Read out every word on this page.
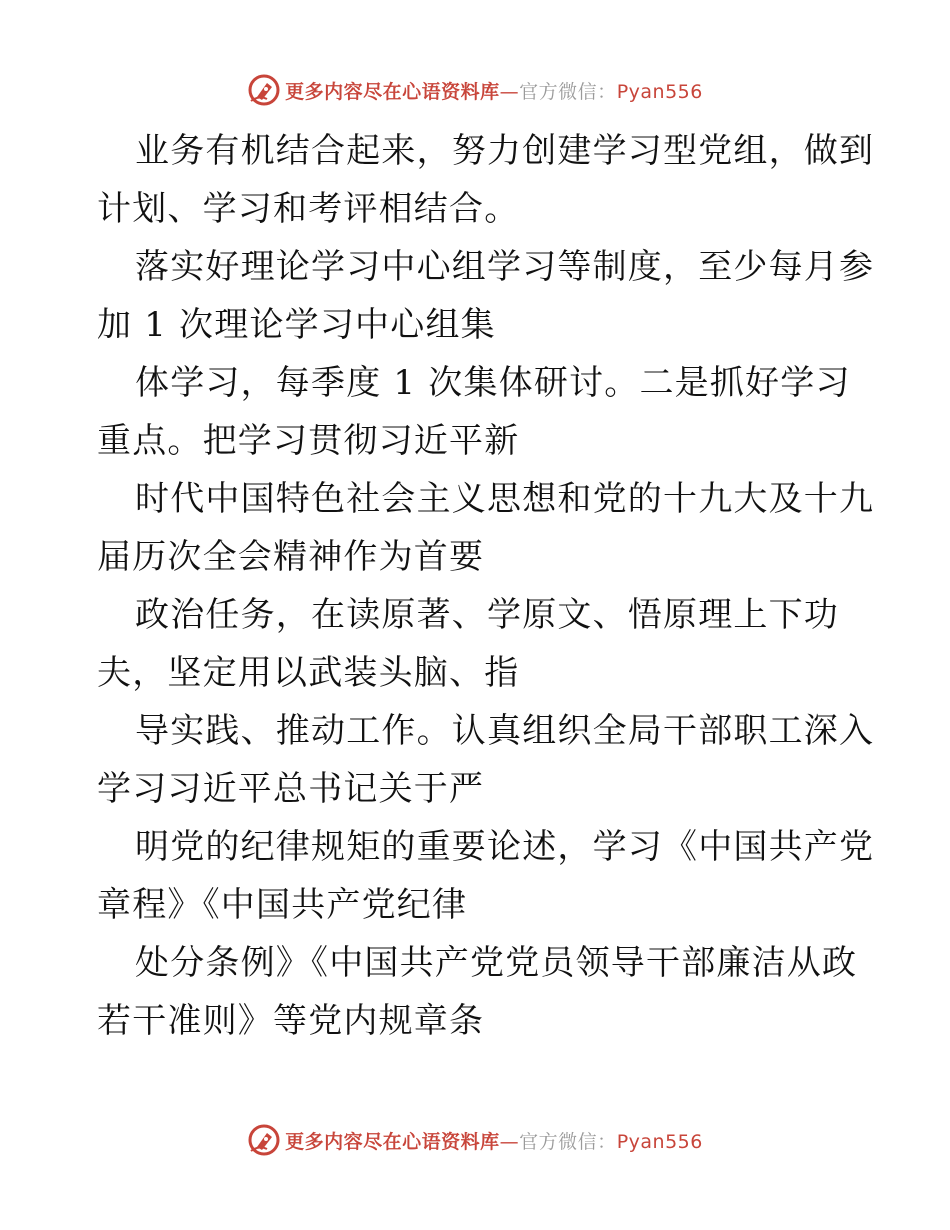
更多内容尽在心语资料库—官方微信：Pyan556
业务有机结合起来，努力创建学习型党组，做到
计划、学习和考评相结合。
落实好理论学习中心组学习等制度，至少每月参
加 1 次理论学习中心组集
体学习，每季度 1 次集体研讨。二是抓好学习
重点。把学习贯彻习近平新
时代中国特色社会主义思想和党的十九大及十九
届历次全会精神作为首要
政治任务，在读原著、学原文、悟原理上下功
夫，坚定用以武装头脑、指
导实践、推动工作。认真组织全局干部职工深入
学习习近平总书记关于严
明党的纪律规矩的重要论述，学习《中国共产党
章程》《中国共产党纪律
处分条例》《中国共产党党员领导干部廉洁从政
若干准则》等党内规章条
更多内容尽在心语资料库—官方微信：Pyan556
